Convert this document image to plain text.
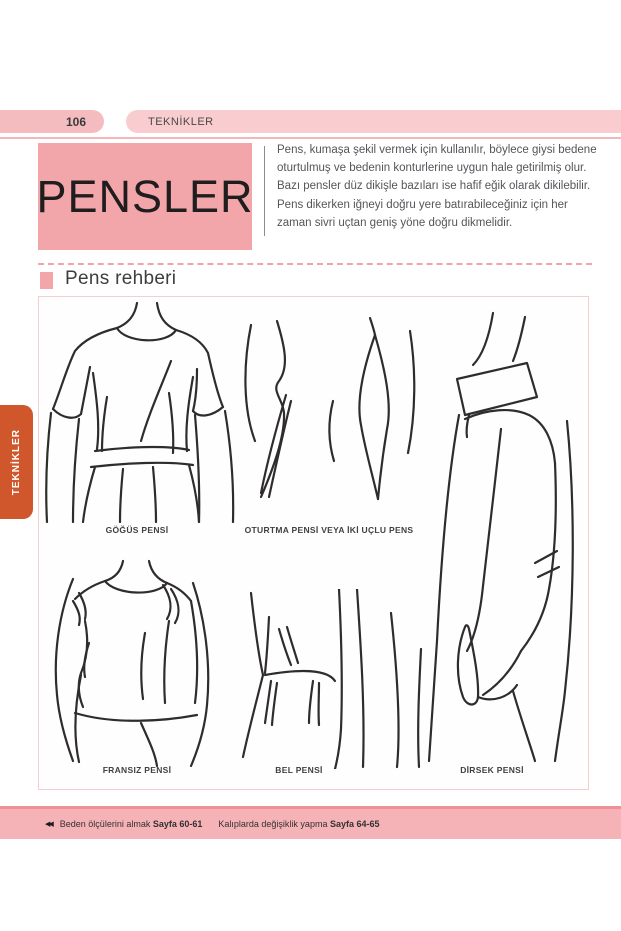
106	TEKNİKLER
PENSLER

Pens, kumaşa şekil vermek için kullanılır, böylece giysi bedene oturtulmuş ve bedenin konturlerine uygun hale getirilmiş olur. Bazı pensler düz dikişle bazıları ise hafif eğik olarak dikilebilir. Pens dikerken iğneyi doğru yere batırabileceğiniz için her zaman sivri uçtan geniş yöne doğru dikmelidir.

Pens rehberi
GÖĞÜS PENSİ	OTURTMA PENSİ VEYA İKİ UÇLU PENS
FRANSIZ PENSİ	BEL PENSİ	DİRSEK PENSİ
TEKNİKLER
◀◀ Beden ölçülerini almak Sayfa 60-61 Kalıplarda değişiklik yapma Sayfa 64-65
